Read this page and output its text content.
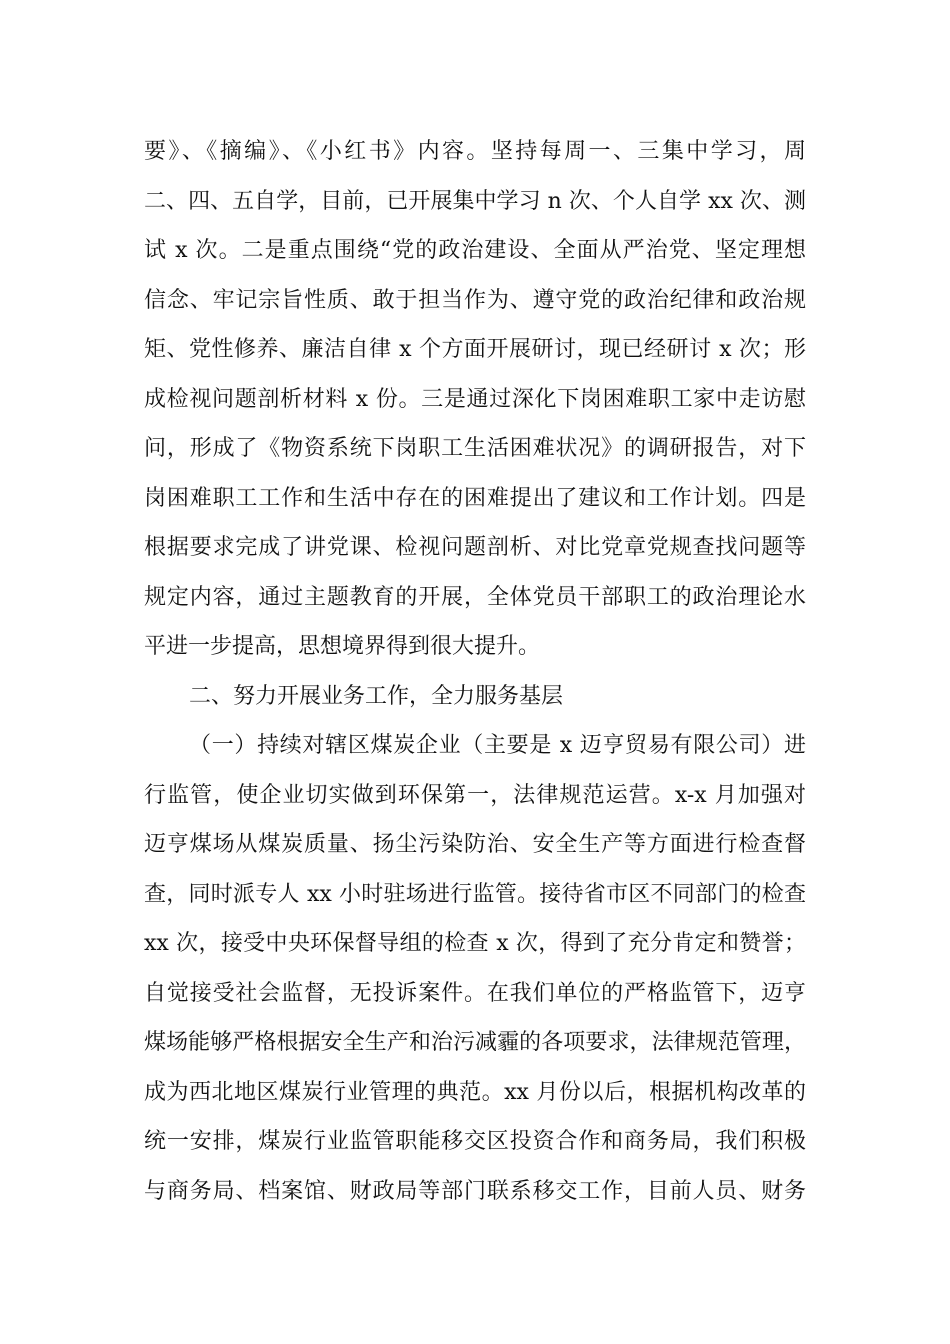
要》、《摘编》、《小红书》内容。坚持每周一、三集中学习，周
二、四、五自学，目前，已开展集中学习 n 次、个人自学 xx 次、测
试 x 次。二是重点围绕“党的政治建设、全面从严治党、坚定理想
信念、牢记宗旨性质、敢于担当作为、遵守党的政治纪律和政治规
矩、党性修养、廉洁自律 x 个方面开展研讨，现已经研讨 x 次；形
成检视问题剖析材料 x 份。三是通过深化下岗困难职工家中走访慰
问，形成了《物资系统下岗职工生活困难状况》的调研报告，对下
岗困难职工工作和生活中存在的困难提出了建议和工作计划。四是
根据要求完成了讲党课、检视问题剖析、对比党章党规查找问题等
规定内容，通过主题教育的开展，全体党员干部职工的政治理论水
平进一步提高，思想境界得到很大提升。
二、努力开展业务工作，全力服务基层
（一）持续对辖区煤炭企业（主要是 x 迈亨贸易有限公司）进
行监管，使企业切实做到环保第一，法律规范运营。x-x 月加强对
迈亨煤场从煤炭质量、扬尘污染防治、安全生产等方面进行检查督
查，同时派专人 xx 小时驻场进行监管。接待省市区不同部门的检查
xx 次，接受中央环保督导组的检查 x 次，得到了充分肯定和赞誉；
自觉接受社会监督，无投诉案件。在我们单位的严格监管下，迈亨
煤场能够严格根据安全生产和治污减霾的各项要求，法律规范管理，
成为西北地区煤炭行业管理的典范。xx 月份以后，根据机构改革的
统一安排，煤炭行业监管职能移交区投资合作和商务局，我们积极
与商务局、档案馆、财政局等部门联系移交工作，目前人员、财务
